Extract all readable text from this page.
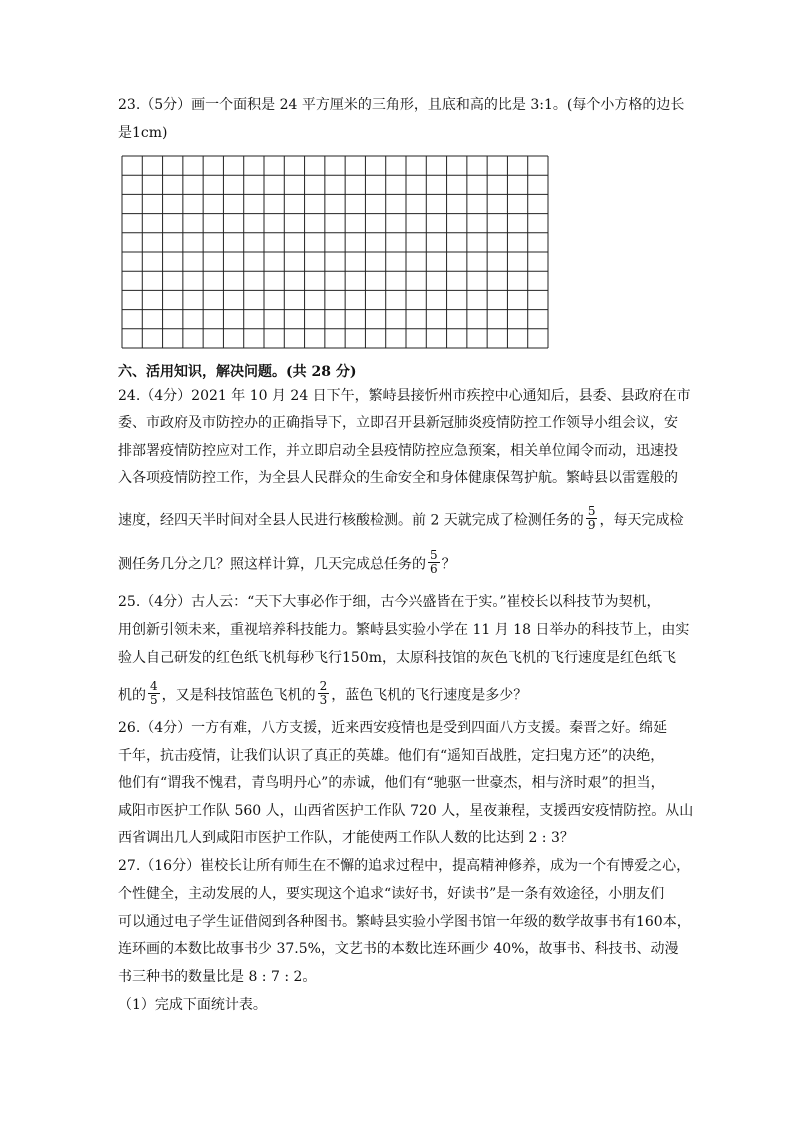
23.（5分）画一个面积是 24 平方厘米的三角形，且底和高的比是 3:1。(每个小方格的边长
是1cm)
六、活用知识，解决问题。(共 28 分)
24.（4分）2021 年 10 月 24 日下午，繁峙县接忻州市疾控中心通知后，县委、县政府在市
委、市政府及市防控办的正确指导下，立即召开县新冠肺炎疫情防控工作领导小组会议，安
排部署疫情防控应对工作，并立即启动全县疫情防控应急预案，相关单位闻令而动，迅速投
入各项疫情防控工作，为全县人民群众的生命安全和身体健康保驾护航。繁峙县以雷霆般的
速度，经四天半时间对全县人民进行核酸检测。前 2 天就完成了检测任务的 $\frac{5}{9}$ ，每天完成检
测任务几分之几？照这样计算，几天完成总任务的 $\frac{5}{6}$ ？
25.（4分）古人云：“天下大事必作于细，古今兴盛皆在于实。”崔校长以科技节为契机，
用创新引领未来，重视培养科技能力。繁峙县实验小学在 11 月 18 日举办的科技节上，由实
验人自己研发的红色纸飞机每秒飞行150m，太原科技馆的灰色飞机的飞行速度是红色纸飞
机的 $\frac{4}{5}$ ，又是科技馆蓝色飞机的 $\frac{2}{3}$ ，蓝色飞机的飞行速度是多少？
26.（4分）一方有难，八方支援，近来西安疫情也是受到四面八方支援。秦晋之好。绵延
千年，抗击疫情，让我们认识了真正的英雄。他们有“遥知百战胜，定扫鬼方还”的决绝，
他们有“谓我不愧君，青鸟明丹心”的赤诚，他们有“驰驱一世豪杰，相与济时艰”的担当，
咸阳市医护工作队 560 人，山西省医护工作队 720 人，星夜兼程，支援西安疫情防控。从山
西省调出几人到咸阳市医护工作队，才能使两工作队人数的比达到 2 : 3？
27.（16分）崔校长让所有师生在不懈的追求过程中，提高精神修养，成为一个有博爱之心，
个性健全，主动发展的人，要实现这个追求“读好书，好读书”是一条有效途径，小朋友们
可以通过电子学生证借阅到各种图书。繁峙县实验小学图书馆一年级的数学故事书有160本，
连环画的本数比故事书少 37.5%，文艺书的本数比连环画少 40%，故事书、科技书、动漫
书三种书的数量比是 8 : 7 : 2。
（1）完成下面统计表。
